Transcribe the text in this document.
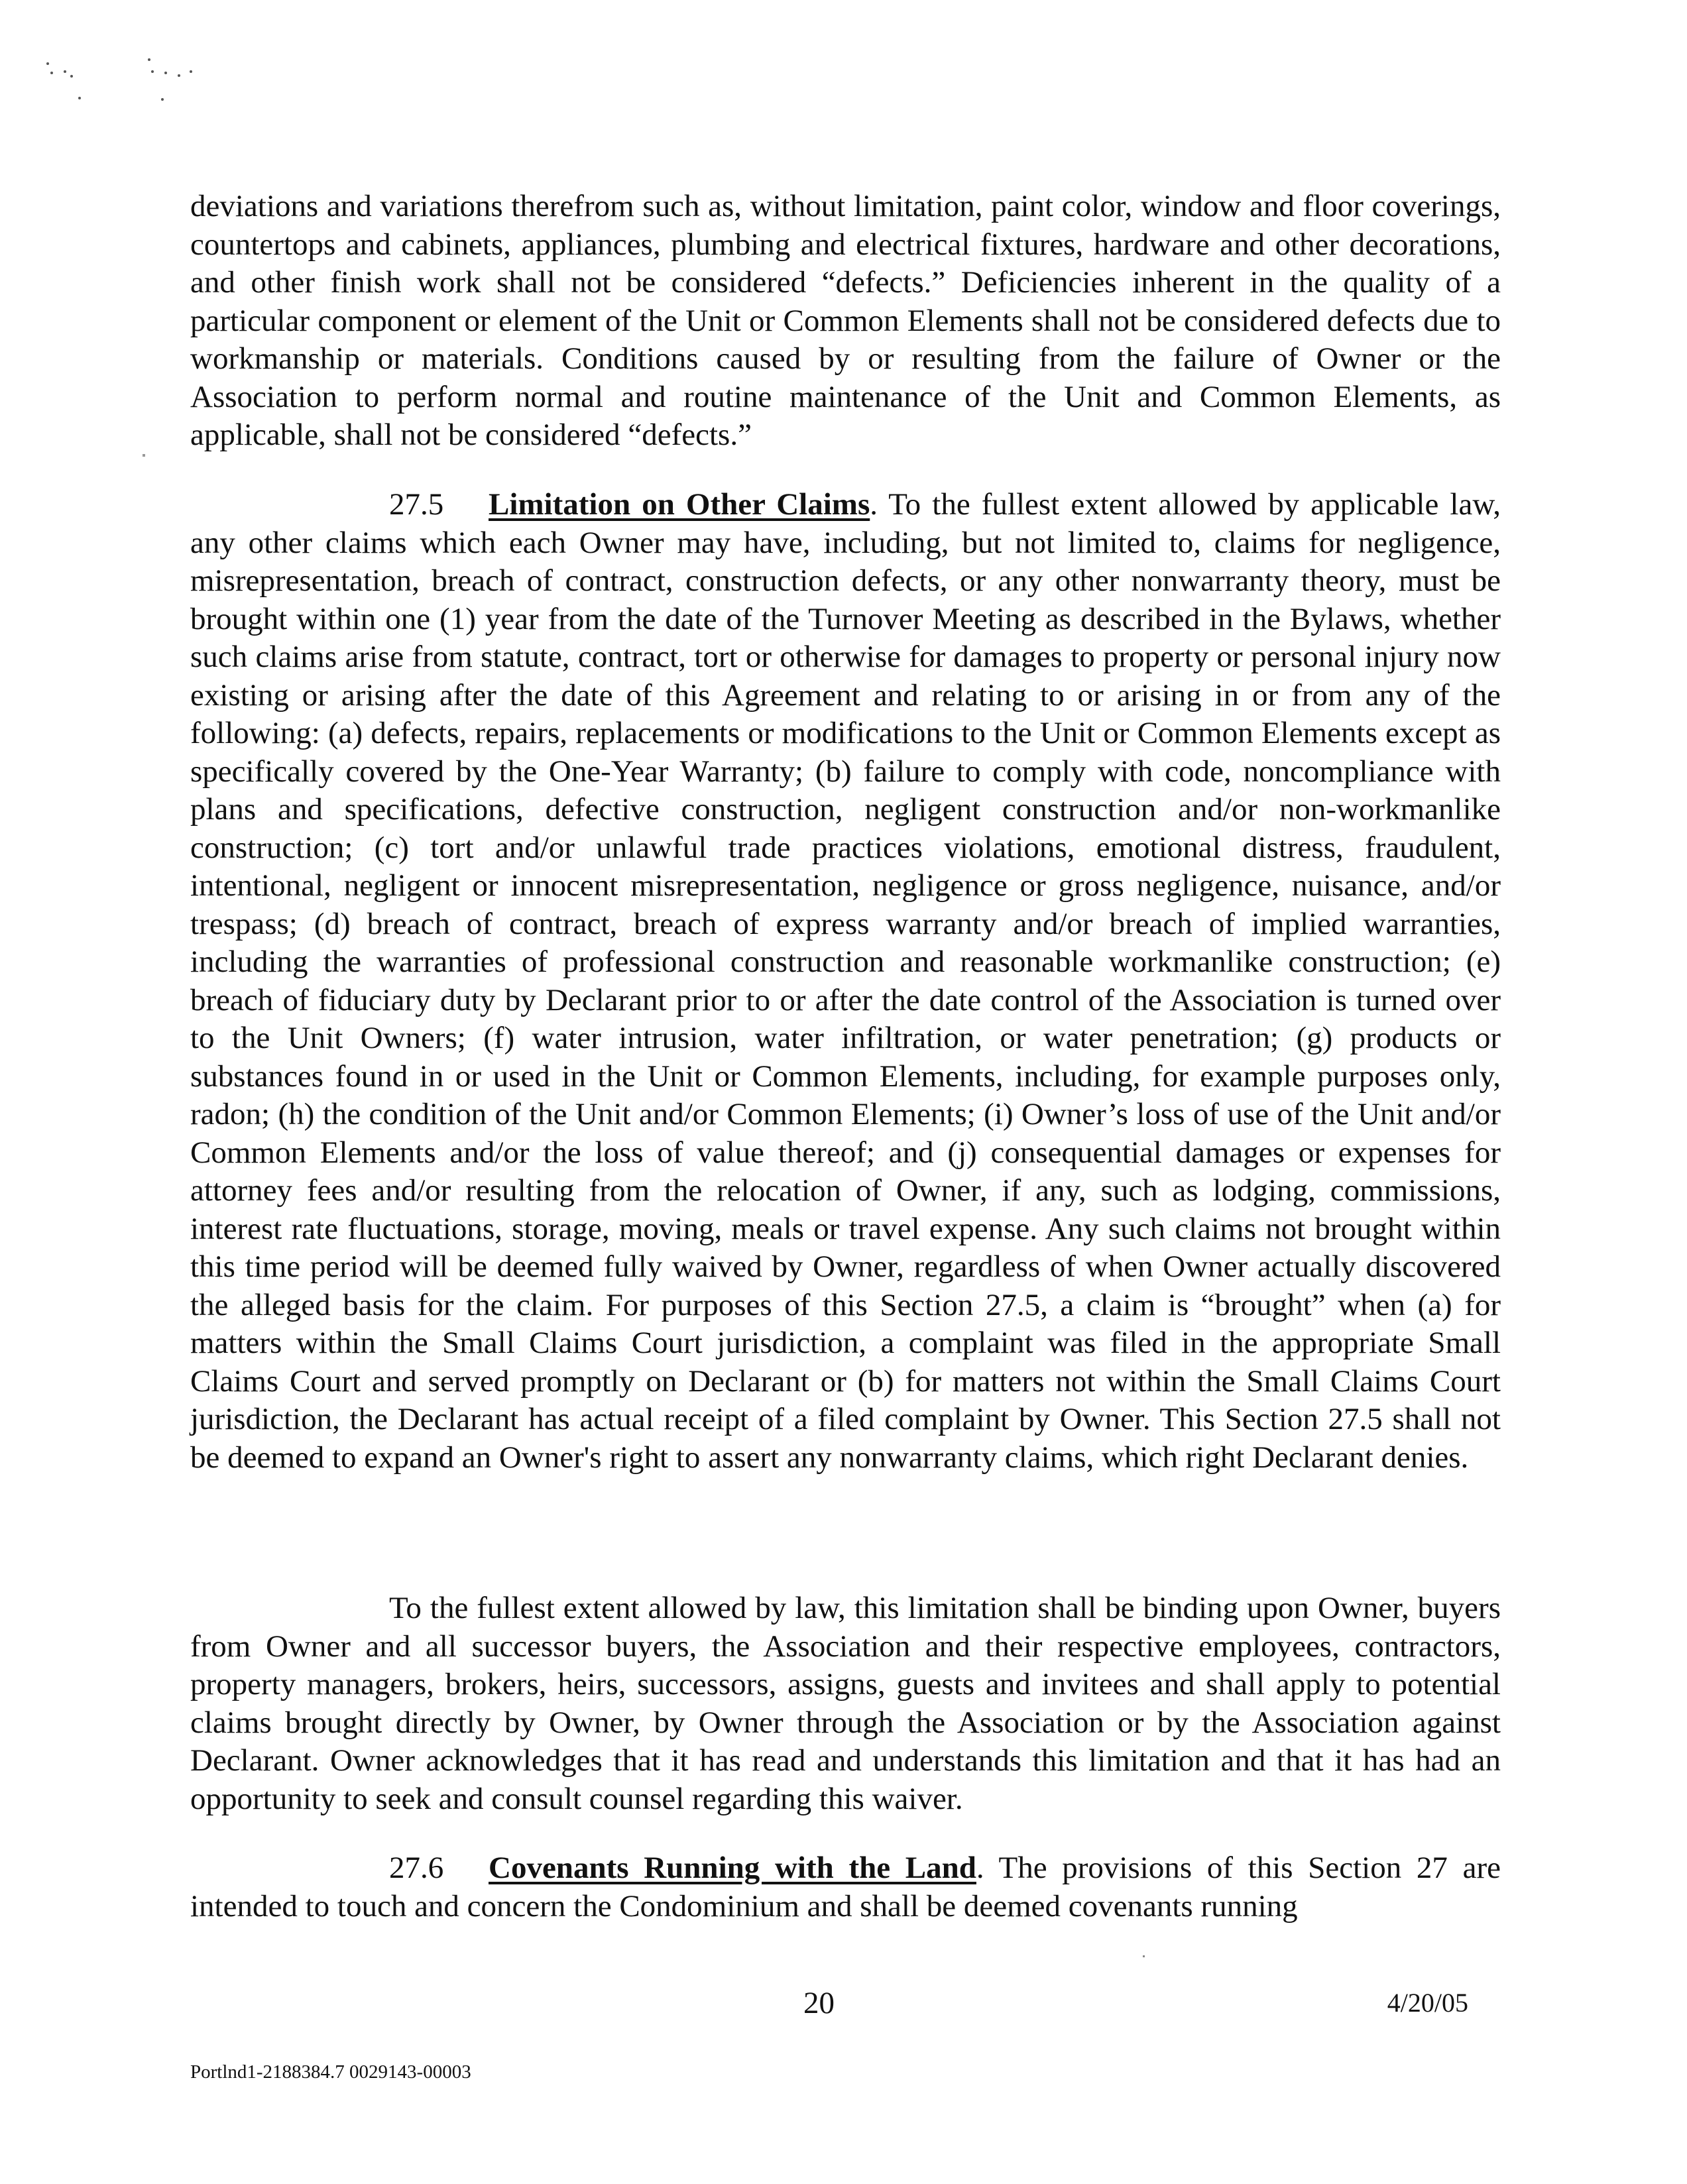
deviations and variations therefrom such as, without limitation, paint color, window and floor coverings, countertops and cabinets, appliances, plumbing and electrical fixtures, hardware and other decorations, and other finish work shall not be considered “defects.” Deficiencies inherent in the quality of a particular component or element of the Unit or Common Elements shall not be considered defects due to workmanship or materials. Conditions caused by or resulting from the failure of Owner or the Association to perform normal and routine maintenance of the Unit and Common Elements, as applicable, shall not be considered “defects.”

27.5 Limitation on Other Claims. To the fullest extent allowed by applicable law, any other claims which each Owner may have, including, but not limited to, claims for negligence, misrepresentation, breach of contract, construction defects, or any other nonwarranty theory, must be brought within one (1) year from the date of the Turnover Meeting as described in the Bylaws, whether such claims arise from statute, contract, tort or otherwise for damages to property or personal injury now existing or arising after the date of this Agreement and relating to or arising in or from any of the following: (a) defects, repairs, replacements or modifications to the Unit or Common Elements except as specifically covered by the One-Year Warranty; (b) failure to comply with code, noncompliance with plans and specifications, defective construction, negligent construction and/or non-workmanlike construction; (c) tort and/or unlawful trade practices violations, emotional distress, fraudulent, intentional, negligent or innocent misrepresentation, negligence or gross negligence, nuisance, and/or trespass; (d) breach of contract, breach of express warranty and/or breach of implied warranties, including the warranties of professional construction and reasonable workmanlike construction; (e) breach of fiduciary duty by Declarant prior to or after the date control of the Association is turned over to the Unit Owners; (f) water intrusion, water infiltration, or water penetration; (g) products or substances found in or used in the Unit or Common Elements, including, for example purposes only, radon; (h) the condition of the Unit and/or Common Elements; (i) Owner’s loss of use of the Unit and/or Common Elements and/or the loss of value thereof; and (j) consequential damages or expenses for attorney fees and/or resulting from the relocation of Owner, if any, such as lodging, commissions, interest rate fluctuations, storage, moving, meals or travel expense. Any such claims not brought within this time period will be deemed fully waived by Owner, regardless of when Owner actually discovered the alleged basis for the claim. For purposes of this Section 27.5, a claim is “brought” when (a) for matters within the Small Claims Court jurisdiction, a complaint was filed in the appropriate Small Claims Court and served promptly on Declarant or (b) for matters not within the Small Claims Court jurisdiction, the Declarant has actual receipt of a filed complaint by Owner. This Section 27.5 shall not be deemed to expand an Owner's right to assert any nonwarranty claims, which right Declarant denies.

To the fullest extent allowed by law, this limitation shall be binding upon Owner, buyers from Owner and all successor buyers, the Association and their respective employees, contractors, property managers, brokers, heirs, successors, assigns, guests and invitees and shall apply to potential claims brought directly by Owner, by Owner through the Association or by the Association against Declarant. Owner acknowledges that it has read and understands this limitation and that it has had an opportunity to seek and consult counsel regarding this waiver.

27.6 Covenants Running with the Land. The provisions of this Section 27 are intended to touch and concern the Condominium and shall be deemed covenants running

20	4/20/05
Portlnd1-2188384.7 0029143-00003
